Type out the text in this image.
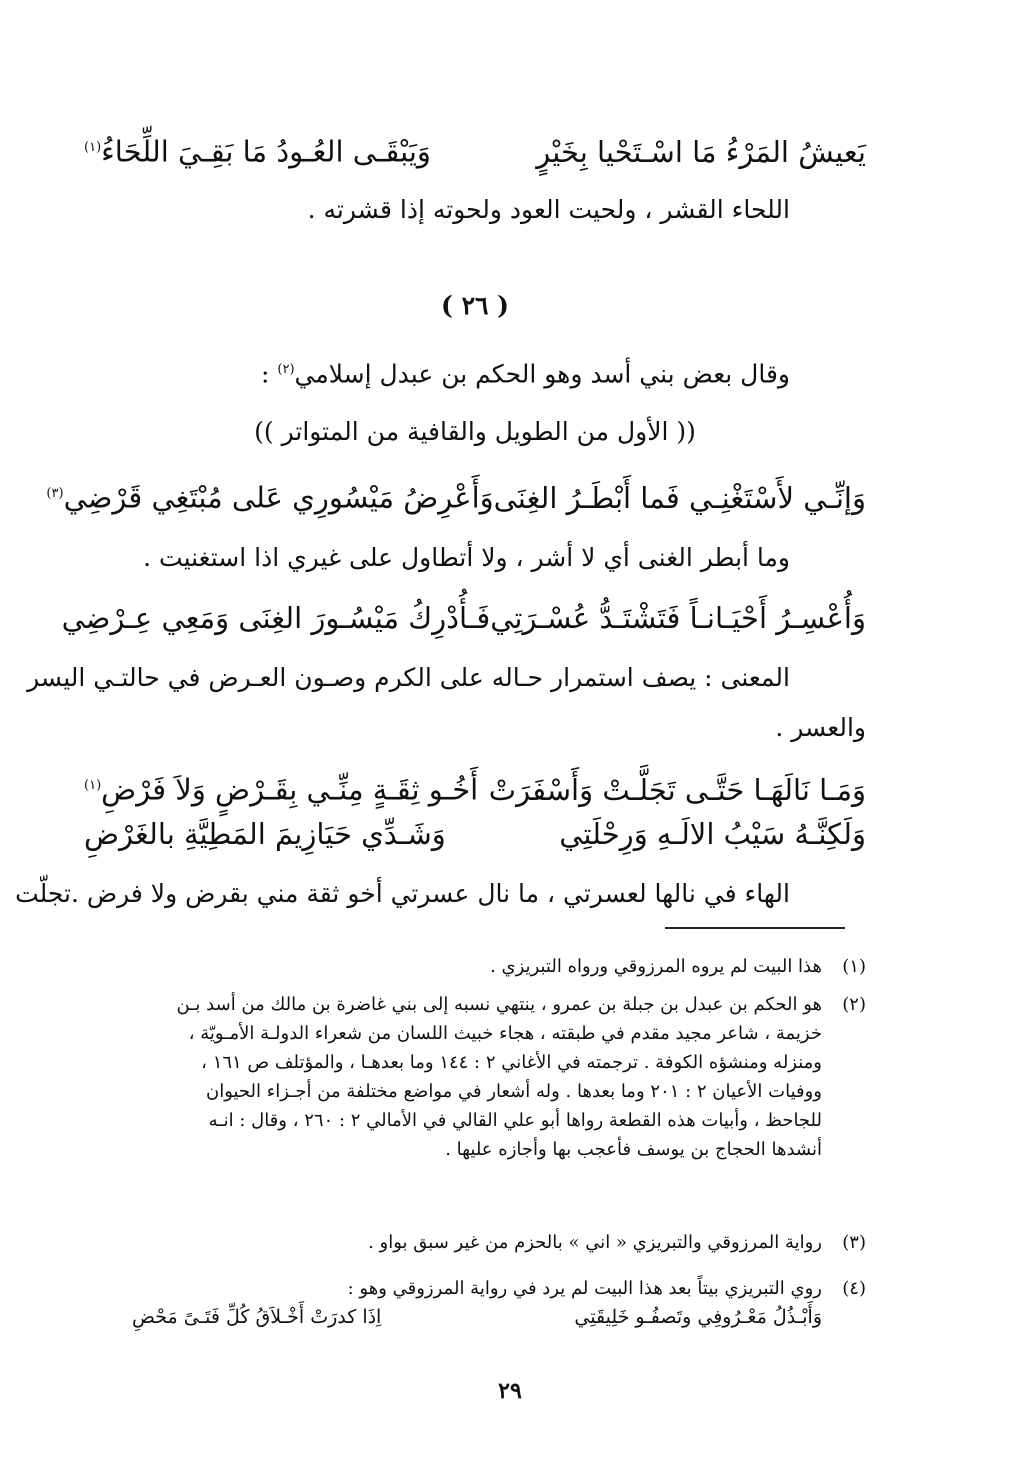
يَعيشُ المَرْءُ مَا اسْـتَحْيا بِخَيْرٍ
وَيَبْقَـى العُـودُ مَا بَقِـيَ اللِّحَاءُ$^{(١)}$
اللحاء القشر ، ولحيت العود ولحوته إذا قشرته .
( ٢٦ )
وقال بعض بني أسد وهو الحكم بن عبدل إسلامي$^{(٢)}$ :
(( الأول من الطويل والقافية من المتواتر ))
وَإنِّـي لأَسْتَغْنِـي فَما أَبْطَـرُ الغِنَى
وَأَعْرِضُ مَيْسُورِي عَلى مُبْتَغِي قَرْضِي$^{(٣)}$
وما أبطر الغنى أي لا أشر ، ولا أتطاول على غيري اذا استغنيت .
وَأُعْسِـرُ أَحْيَـانـاً فَتَشْتَـدُّ عُسْـرَتِي
فَـأُدْرِكُ مَيْسُـورَ الغِنَى وَمَعِي عِـرْضِي
المعنى : يصف استمرار حـاله على الكرم وصـون العـرض في حالتـي اليسر
والعسر .
وَمَـا نَالَهَـا حَتَّـى تَجَلَّـتْ وَأَسْفَرَتْ
أَخُـو ثِقَـةٍ مِنِّـي بِقَـرْضٍ وَلاَ فَرْضِ$^{(١)}$
وَلَكِنَّـهُ سَيْبُ الالَـهِ وَرِحْلَتِي
وَشَـدِّي حَيَازِيمَ المَطِيَّةِ بالغَرْضِ
الهاء في نالها لعسرتي ، ما نال عسرتي أخو ثقة مني بقرض ولا فرض .تجلّت
(١)

هذا البيت لم يروه المرزوقي ورواه التبريزي .

(٢)

هو الحكم بن عبدل بن جبلة بن عمرو ، ينتهي نسبه إلى بني غاضرة بن مالك من أسد بـن

خزيمة ، شاعر مجيد مقدم في طبقته ، هجاء خبيث اللسان من شعراء الدولـة الأمـويّة ،

ومنزله ومنشؤه الكوفة . ترجمته في الأغاني ٢ : ١٤٤ وما بعدهـا ، والمؤتلف ص ١٦١ ،

ووفيات الأعيان ٢ : ٢٠١ وما بعدها . وله أشعار في مواضع مختلفة من أجـزاء الحيوان

للجاحظ ، وأبيات هذه القطعة رواها أبو علي القالي في الأمالي ٢ : ٢٦٠ ، وقال : انـه

أنشدها الحجاج بن يوسف فأعجب بها وأجازه عليها .

(٣)

رواية المرزوقي والتبريزي « اني » بالحزم من غير سبق بواو .

(٤)

روي التبريزي بيتاً بعد هذا البيت لم يرد في رواية المرزوقي وهو :

وَأَبْـذُلُ مَعْـرُوفِي وتَصفُـو خَلِيقَتِي
اِذَا كدرَتْ أَخْـلاَقُ كُلِّ فَتَـىً مَحْضِ
٢٩
